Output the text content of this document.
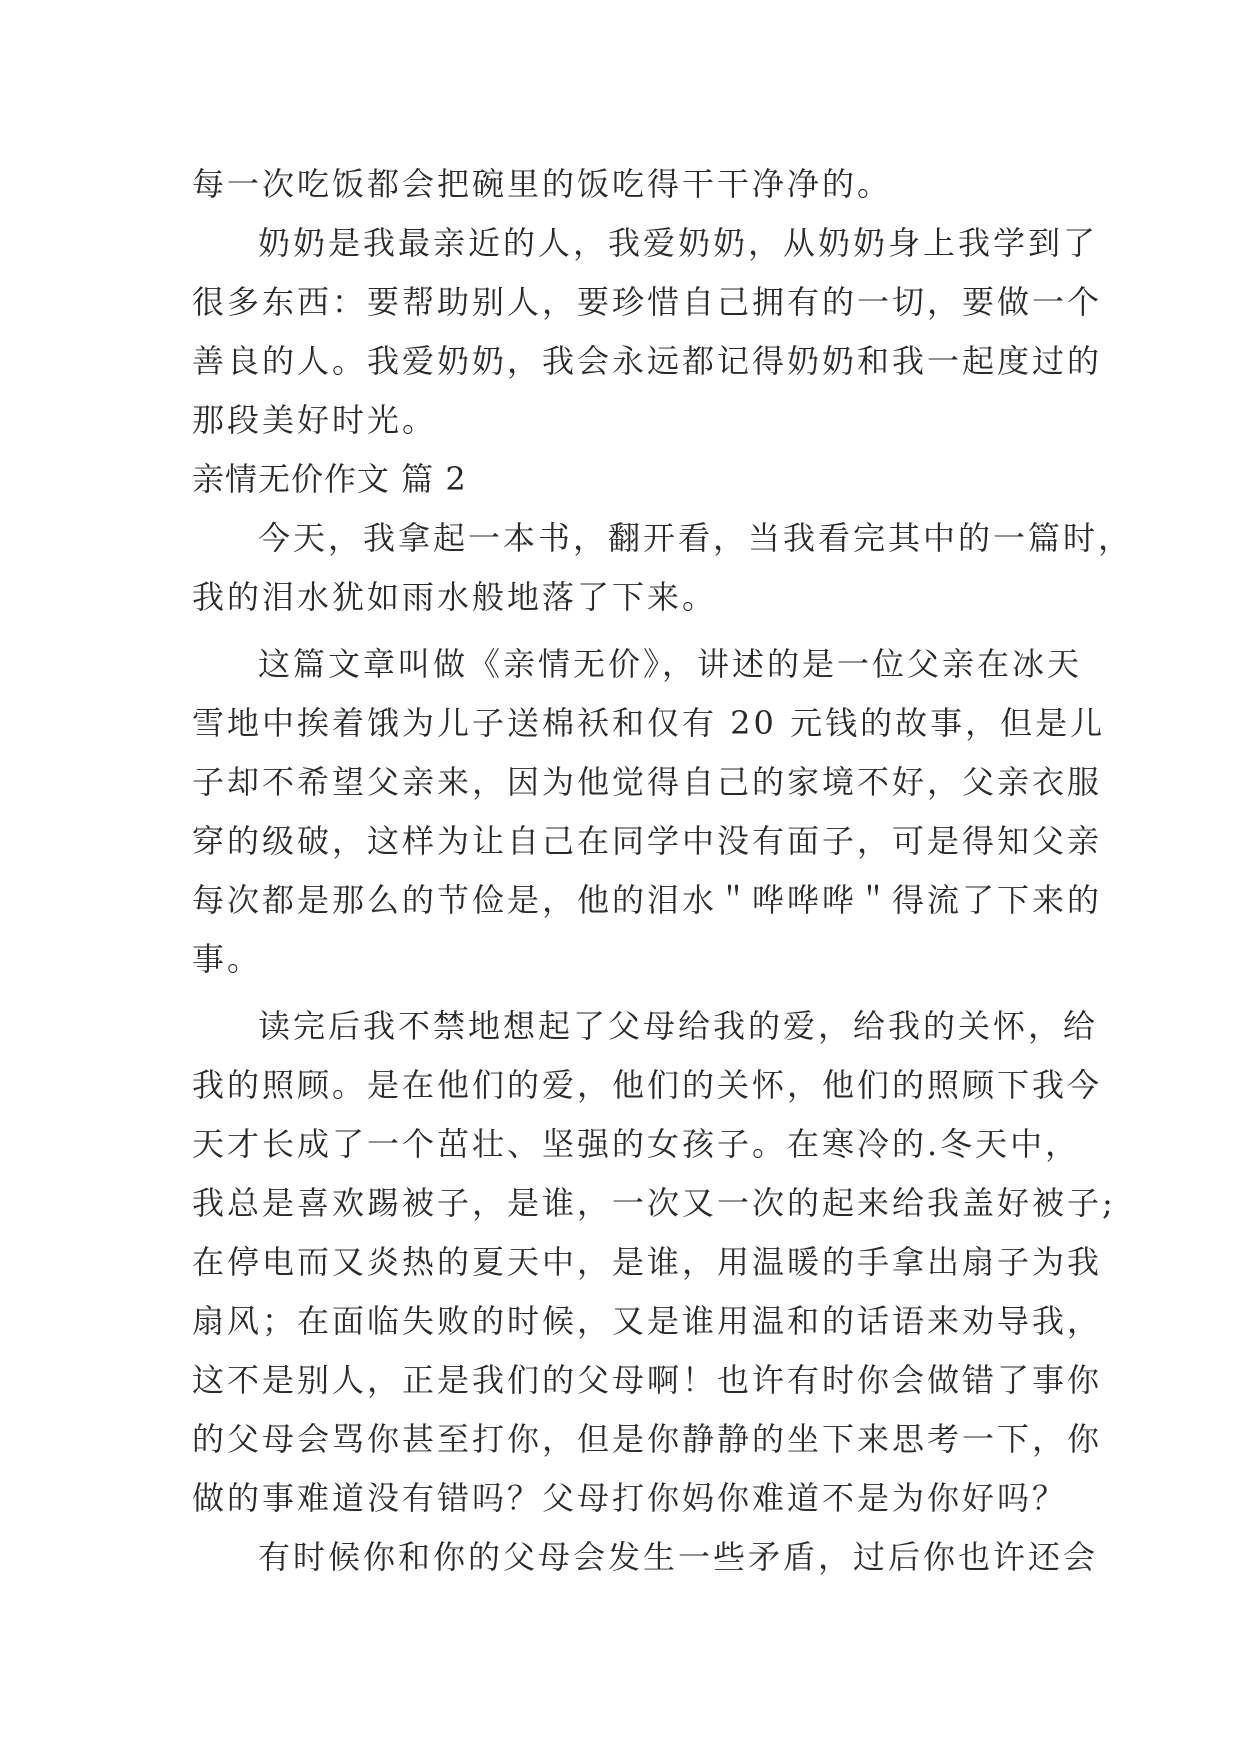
每一次吃饭都会把碗里的饭吃得干干净净的。
奶奶是我最亲近的人，我爱奶奶，从奶奶身上我学到了
很多东西：要帮助别人，要珍惜自己拥有的一切，要做一个
善良的人。我爱奶奶，我会永远都记得奶奶和我一起度过的
那段美好时光。
亲情无价作文 篇 2
今天，我拿起一本书，翻开看，当我看完其中的一篇时，
我的泪水犹如雨水般地落了下来。
这篇文章叫做《亲情无价》，讲述的是一位父亲在冰天
雪地中挨着饿为儿子送棉袄和仅有 20 元钱的故事，但是儿
子却不希望父亲来，因为他觉得自己的家境不好，父亲衣服
穿的级破，这样为让自己在同学中没有面子，可是得知父亲
每次都是那么的节俭是，他的泪水＂哗哗哗＂得流了下来的
事。
读完后我不禁地想起了父母给我的爱，给我的关怀，给
我的照顾。是在他们的爱，他们的关怀，他们的照顾下我今
天才长成了一个茁壮、坚强的女孩子。在寒冷的.冬天中，
我总是喜欢踢被子，是谁，一次又一次的起来给我盖好被子;
在停电而又炎热的夏天中，是谁，用温暖的手拿出扇子为我
扇风；在面临失败的时候，又是谁用温和的话语来劝导我，
这不是别人，正是我们的父母啊！也许有时你会做错了事你
的父母会骂你甚至打你，但是你静静的坐下来思考一下，你
做的事难道没有错吗？父母打你妈你难道不是为你好吗？
有时候你和你的父母会发生一些矛盾，过后你也许还会
